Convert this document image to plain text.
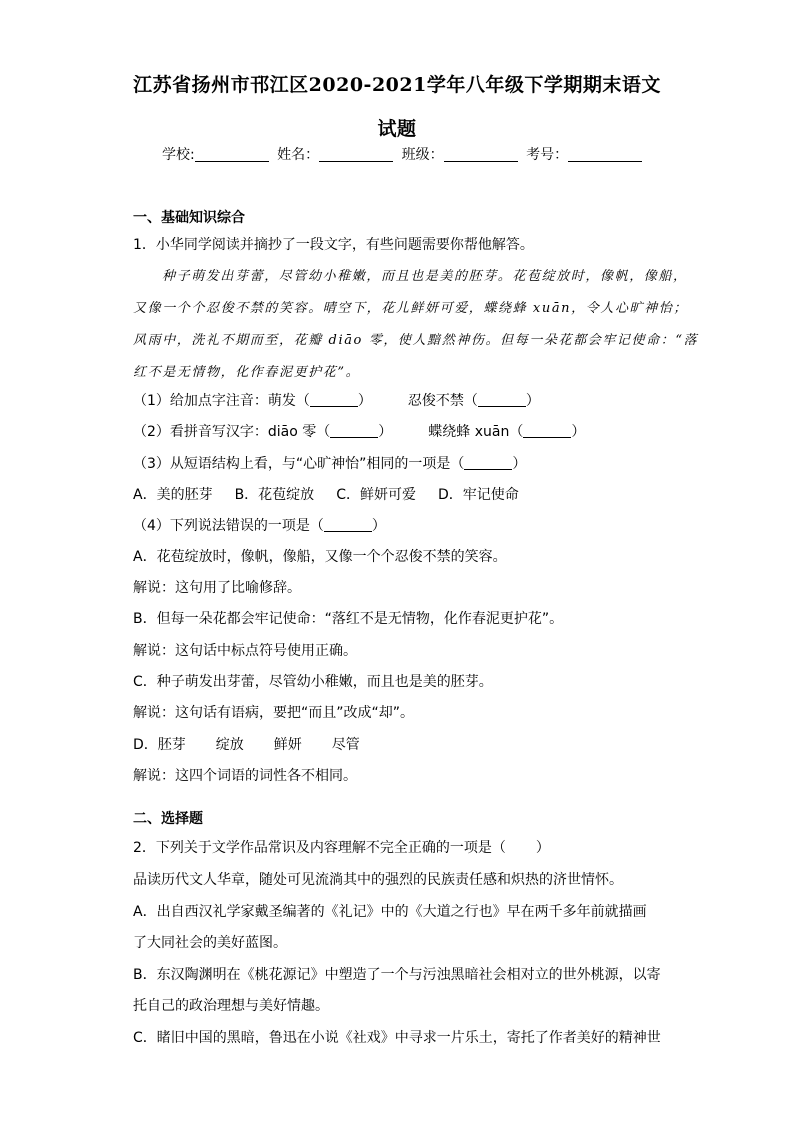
江苏省扬州市邗江区2020-2021学年八年级下学期期末语文
试题
学校:	姓名：	班级：	考号：
一、基础知识综合
1．小华同学阅读并摘抄了一段文字，有些问题需要你帮他解答。
种子萌发出芽蕾，尽管幼小稚嫩，而且也是美的胚芽。花苞绽放时，像帆，像船，
又像一个个忍俊不禁的笑容。晴空下，花儿鲜妍可爱，蝶绕蜂 xuān，令人心旷神怡；
风雨中，洗礼不期而至，花瓣 diāo 零，使人黯然神伤。但每一朵花都会牢记使命：“落
红不是无情物，化作春泥更护花”。
（1）给加点字注音：萌发（	）	忍俊不禁（	）
（2）看拼音写汉字：diāo 零（	）	蝶绕蜂 xuān（	）
（3）从短语结构上看，与“心旷神怡”相同的一项是（	）
A．美的胚芽 B．花苞绽放 C．鲜妍可爱 D．牢记使命
（4）下列说法错误的一项是（	）
A．花苞绽放时，像帆，像船，又像一个个忍俊不禁的笑容。
解说：这句用了比喻修辞。
B．但每一朵花都会牢记使命：“落红不是无情物，化作春泥更护花”。
解说：这句话中标点符号使用正确。
C．种子萌发出芽蕾，尽管幼小稚嫩，而且也是美的胚芽。
解说：这句话有语病，要把“而且”改成“却”。
D．胚芽 绽放 鲜妍 尽管
解说：这四个词语的词性各不相同。
二、选择题
2．下列关于文学作品常识及内容理解不完全正确的一项是（ ）
品读历代文人华章，随处可见流淌其中的强烈的民族责任感和炽热的济世情怀。
A．出自西汉礼学家戴圣编著的《礼记》中的《大道之行也》早在两千多年前就描画
了大同社会的美好蓝图。
B．东汉陶渊明在《桃花源记》中塑造了一个与污浊黑暗社会相对立的世外桃源，以寄
托自己的政治理想与美好情趣。
C．睹旧中国的黑暗，鲁迅在小说《社戏》中寻求一片乐土，寄托了作者美好的精神世
